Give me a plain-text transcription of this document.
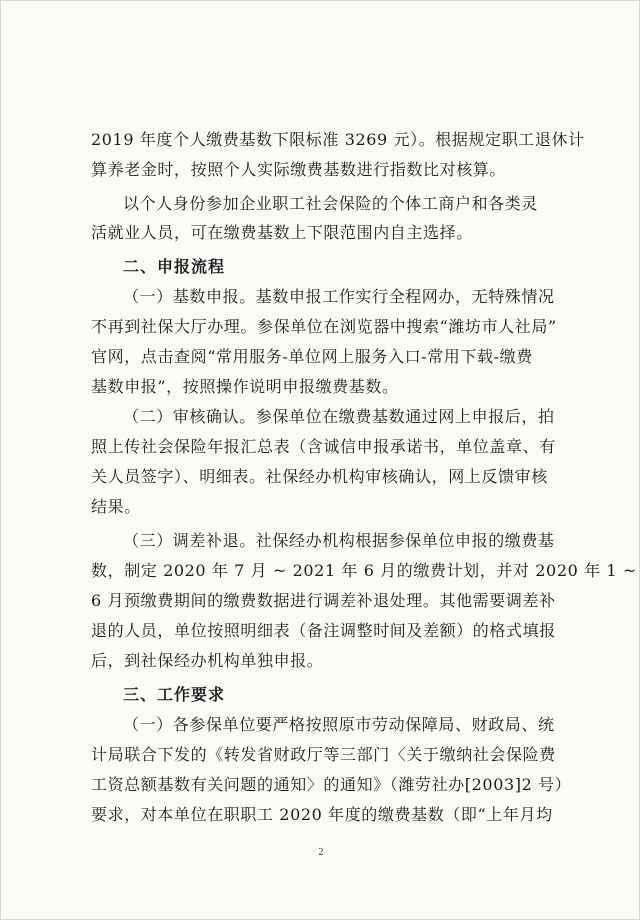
2019 年度个人缴费基数下限标准 3269 元）。根据规定职工退休计
算养老金时，按照个人实际缴费基数进行指数比对核算。
以个人身份参加企业职工社会保险的个体工商户和各类灵
活就业人员，可在缴费基数上下限范围内自主选择。
二、申报流程
（一）基数申报。基数申报工作实行全程网办，无特殊情况
不再到社保大厅办理。参保单位在浏览器中搜索“潍坊市人社局”
官网，点击查阅“常用服务-单位网上服务入口-常用下载-缴费
基数申报”，按照操作说明申报缴费基数。
（二）审核确认。参保单位在缴费基数通过网上申报后，拍
照上传社会保险年报汇总表（含诚信申报承诺书，单位盖章、有
关人员签字）、明细表。社保经办机构审核确认，网上反馈审核
结果。
（三）调差补退。社保经办机构根据参保单位申报的缴费基
数，制定 2020 年 7 月 ~ 2021 年 6 月的缴费计划，并对 2020 年 1 ~
6 月预缴费期间的缴费数据进行调差补退处理。其他需要调差补
退的人员，单位按照明细表（备注调整时间及差额）的格式填报
后，到社保经办机构单独申报。
三、工作要求
（一）各参保单位要严格按照原市劳动保障局、财政局、统
计局联合下发的《转发省财政厅等三部门〈关于缴纳社会保险费
工资总额基数有关问题的通知〉的通知》（潍劳社办[2003]2 号）
要求，对本单位在职职工 2020 年度的缴费基数（即“上年月均
2
